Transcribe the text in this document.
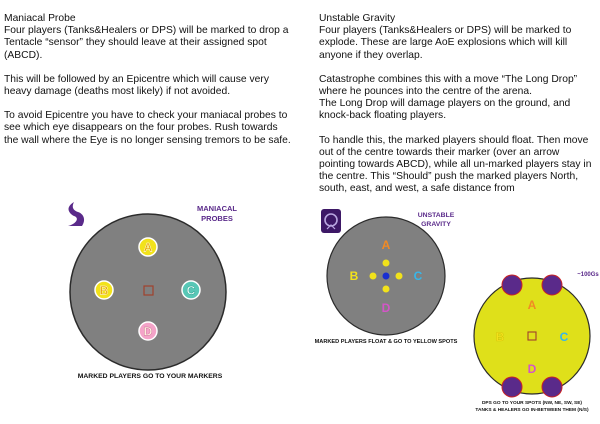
Maniacal Probe

Four players (Tanks&Healers or DPS) will be marked to drop a Tentacle “sensor” they should leave at their assigned spot (ABCD).

This will be followed by an Epicentre which will cause very heavy damage (deaths most likely) if not avoided.

To avoid Epicentre you have to check your maniacal probes to see which eye disappears on the four probes. Rush towards the wall where the Eye is no longer sensing tremors to be safe.

Unstable Gravity

Four players (Tanks&Healers or DPS) will be marked to explode. These are large AoE explosions which will kill anyone if they overlap.

Catastrophe combines this with a move “The Long Drop” where he pounces into the centre of the arena.

The Long Drop will damage players on the ground, and knock-back floating players.

To handle this, the marked players should float. Then move out of the centre towards their marker (over an arrow pointing towards ABCD), while all un-marked players stay in the centre. This “Should” push the marked players North, south, east, and west, a safe distance from

MANIACAL
PROBES
A
B	C
D
MARKED PLAYERS GO TO YOUR MARKERS
UNSTABLE
GRAVITY
A
B	C
D
MARKED PLAYERS FLOAT & GO TO YELLOW SPOTS
~100Gs
A
B	C
D
DPS GO TO YOUR SPOTS (NW, NE, SW, SE)
TANKS & HEALERS GO IN-BETWEEN THEM (N/S)
